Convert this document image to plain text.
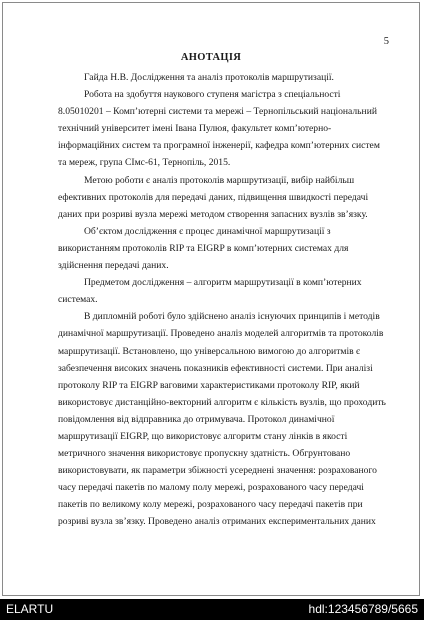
5
АНОТАЦІЯ

Гайда Н.В. Дослідження та аналіз протоколів маршрутизації.

Робота на здобуття наукового ступеня магістра з спеціальності
8.05010201 – Комп’ютерні системи та мережі – Тернопільський національний
технічний університет імені Івана Пулюя, факультет комп’ютерно-
інформаційних систем та програмної інженерії, кафедра комп’ютерних систем
та мереж, група СІмс-61, Тернопіль, 2015.

Метою роботи є аналіз протоколів маршрутизації, вибір найбільш
ефективних протоколів для передачі даних, підвищення швидкості передачі
даних при розриві вузла мережі методом створення запасних вузлів зв’язку.

Об’єктом дослідження є процес динамічної маршрутизації з
використанням протоколів RIP та EIGRP в комп’ютерних системах для
здійснення передачі даних.

Предметом дослідження – алгоритм маршрутизації в комп’ютерних
системах.

В дипломній роботі було здійснено аналіз існуючих принципів і методів
динамічної маршрутизації. Проведено аналіз моделей алгоритмів та протоколів
маршрутизації. Встановлено, що універсальною вимогою до алгоритмів є
забезпечення високих значень показників ефективності системи. При аналізі
протоколу RIP та EIGRP ваговими характеристиками протоколу RIP, який
використовує дистанційно-векторний алгоритм є кількість вузлів, що проходить
повідомлення від відправника до отримувача. Протокол динамічної
маршрутизації EIGRP, що використовує алгоритм стану лінків в якості
метричного значення використовує пропускну здатність. Обгрунтовано
використовувати, як параметри збіжності усереднені значення: розрахованого
часу передачі пакетів по малому полу мережі, розрахованого часу передачі
пакетів по великому колу мережі, розрахованого часу передачі пакетів при
розриві вузла зв’язку. Проведено аналіз отриманих експериментальних даних

ELARTU	hdl:123456789/5665
